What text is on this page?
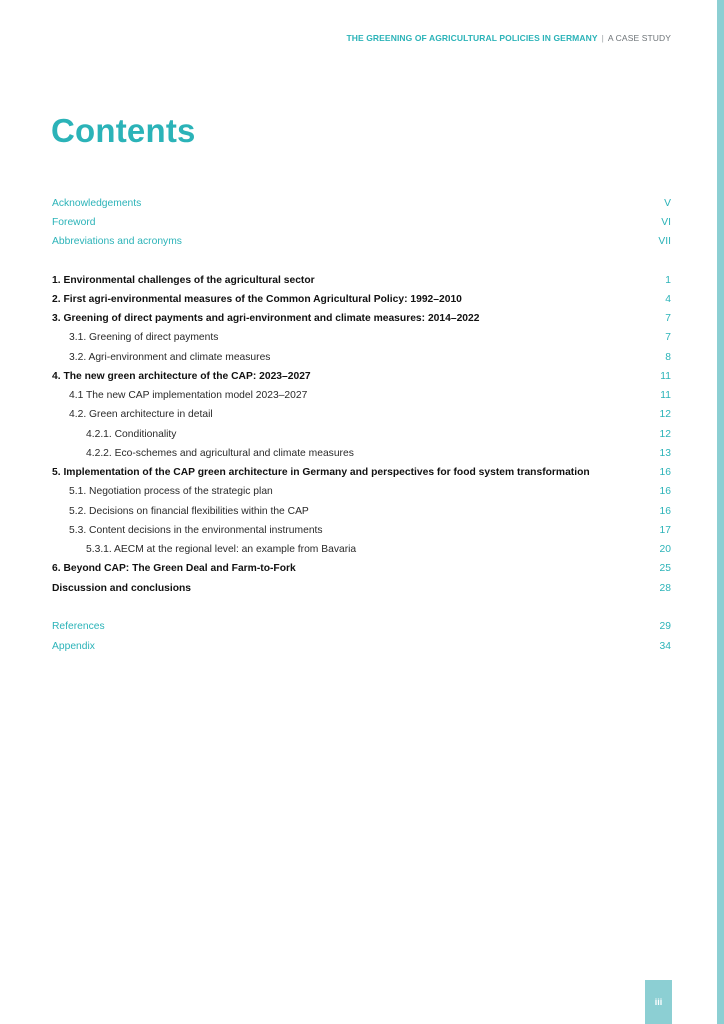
THE GREENING OF AGRICULTURAL POLICIES IN GERMANY | A CASE STUDY
Contents
Acknowledgements	V
Foreword	VI
Abbreviations and acronyms	VII
1. Environmental challenges of the agricultural sector	1
2. First agri-environmental measures of the Common Agricultural Policy: 1992–2010	4
3. Greening of direct payments and agri-environment and climate measures: 2014–2022	7
3.1. Greening of direct payments	7
3.2. Agri-environment and climate measures	8
4. The new green architecture of the CAP: 2023–2027	11
4.1 The new CAP implementation model 2023–2027	11
4.2. Green architecture in detail	12
4.2.1. Conditionality	12
4.2.2. Eco-schemes and agricultural and climate measures	13
5. Implementation of the CAP green architecture in Germany and perspectives for food system transformation	16
5.1. Negotiation process of the strategic plan	16
5.2. Decisions on financial flexibilities within the CAP	16
5.3. Content decisions in the environmental instruments	17
5.3.1. AECM at the regional level: an example from Bavaria	20
6. Beyond CAP: The Green Deal and Farm-to-Fork	25
Discussion and conclusions	28
References	29
Appendix	34
iii
